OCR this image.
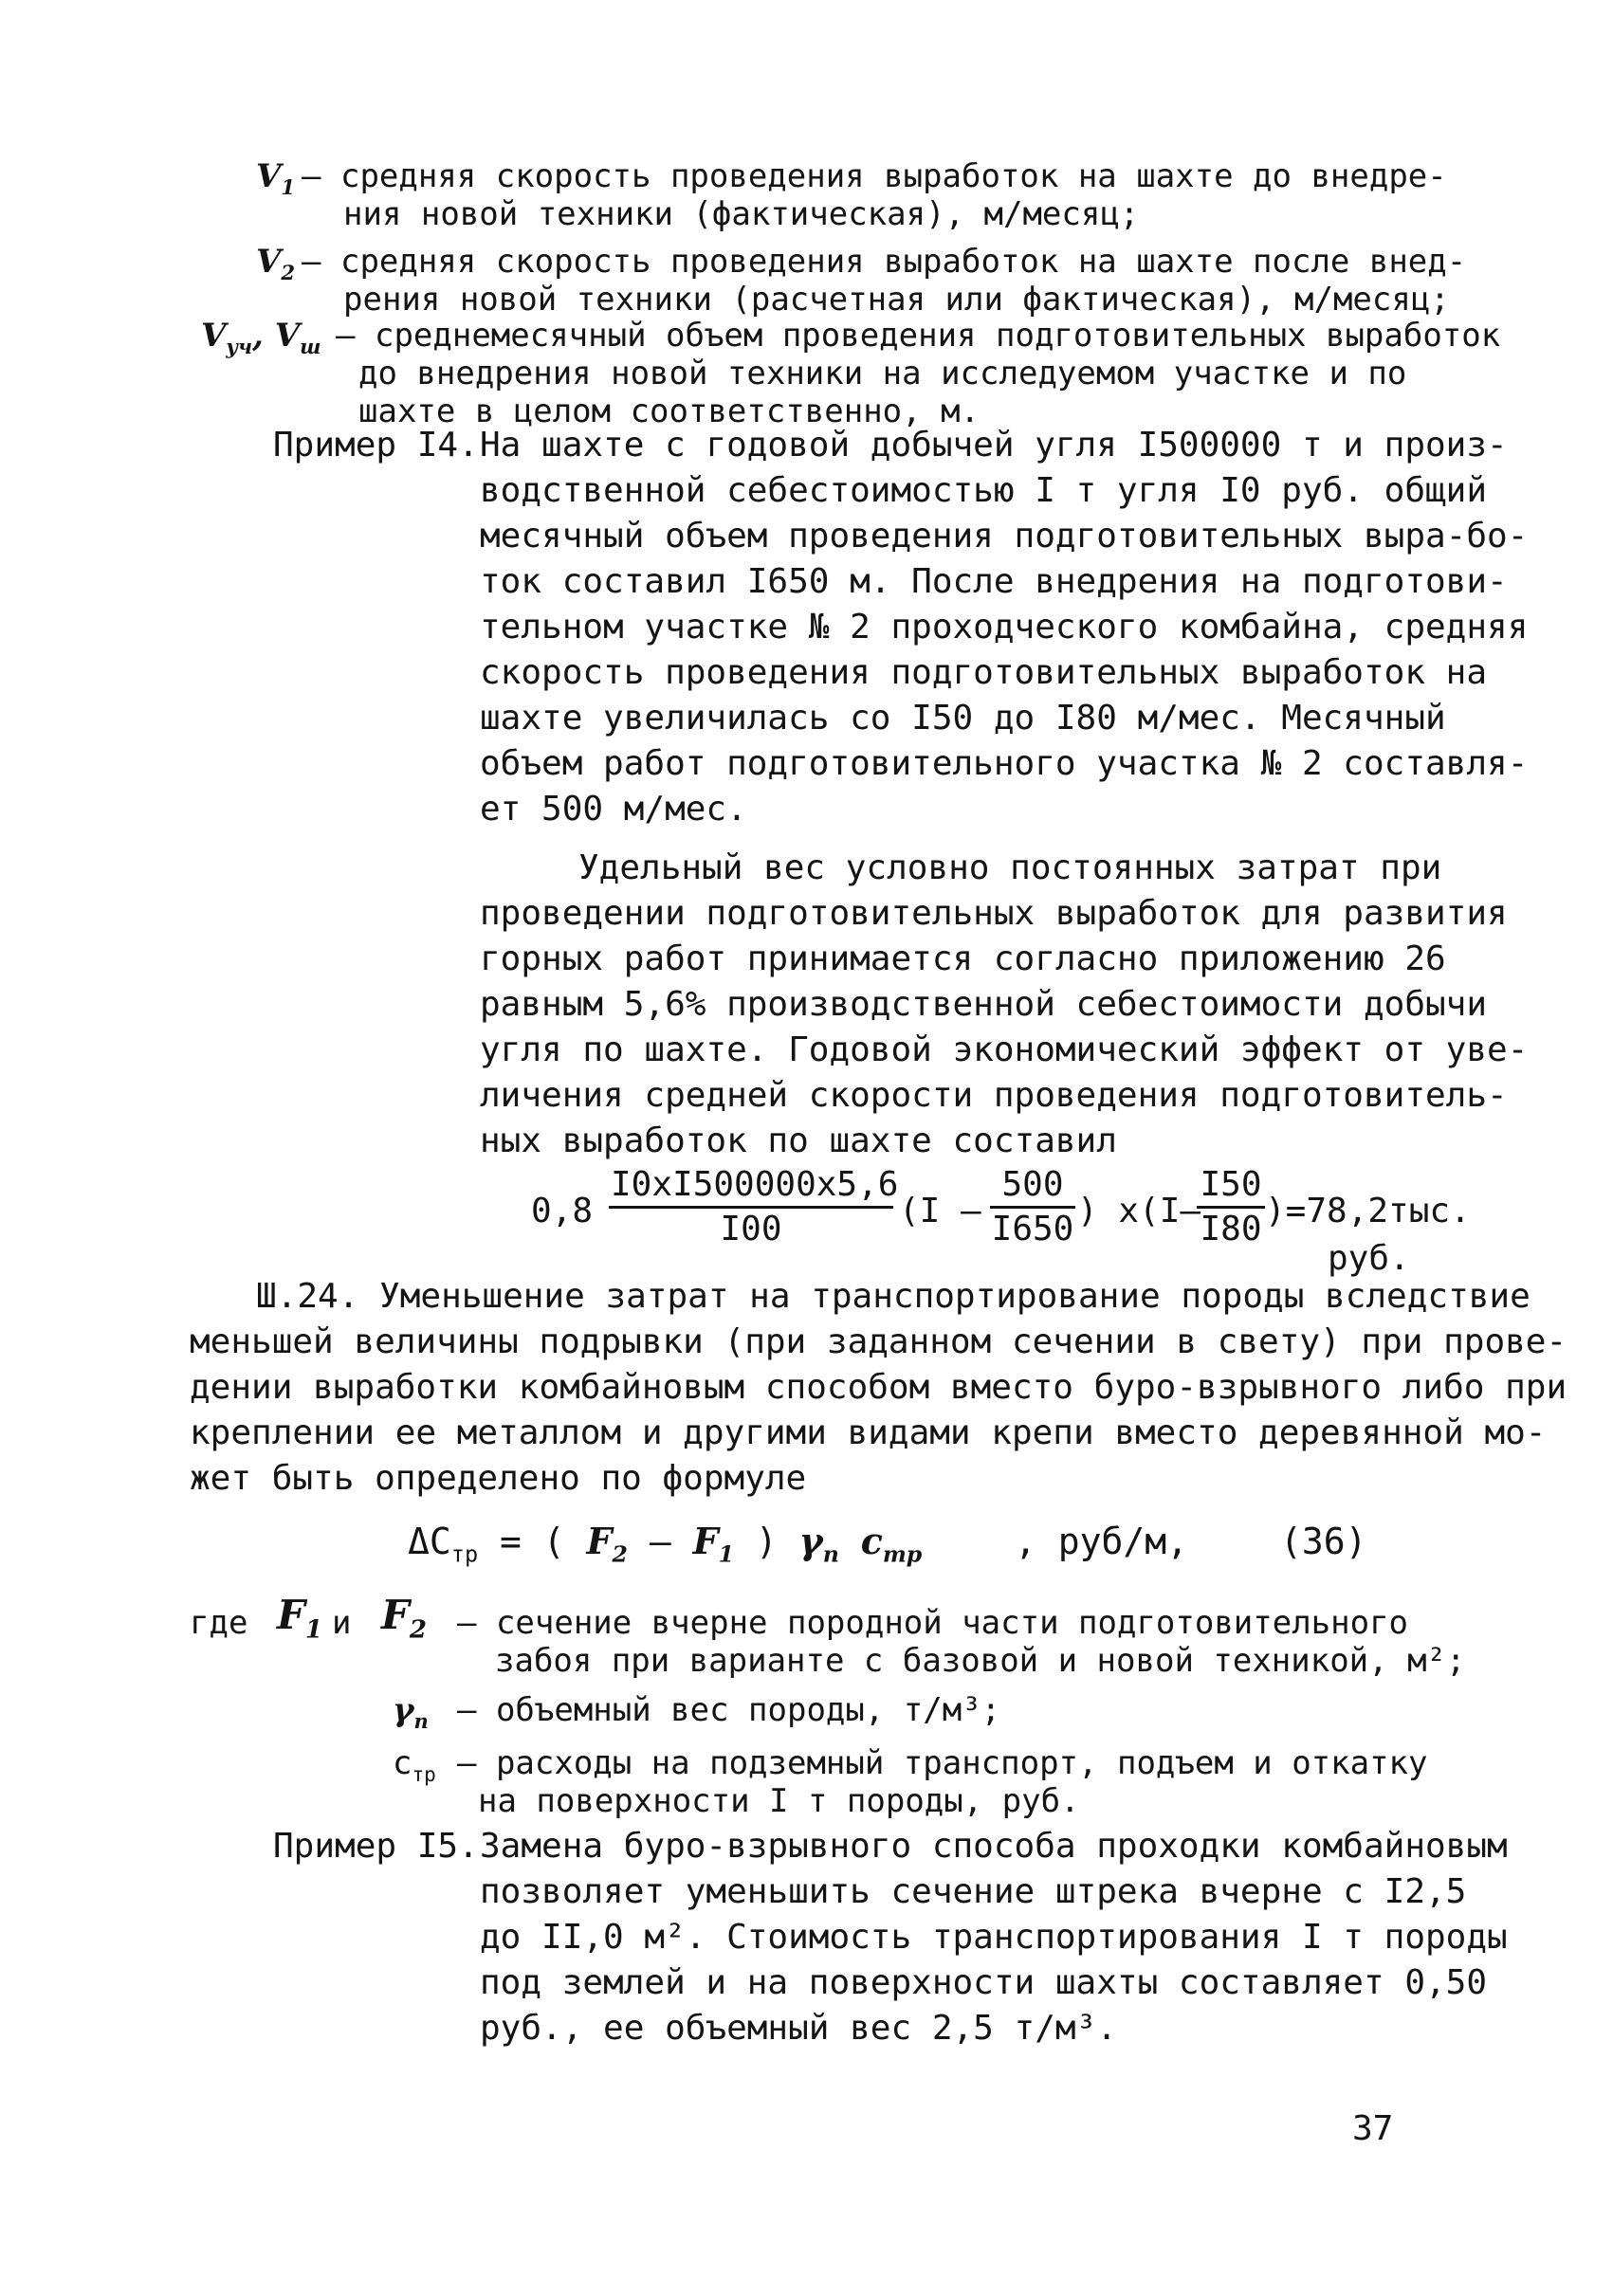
$V_1$ – средняя скорость проведения выработок на шахте до внедре-
ния новой техники (фактическая), м/месяц;
$V_2$ – средняя скорость проведения выработок на шахте после внед-
рения новой техники (расчетная или фактическая), м/месяц;
$V_{уч}$, $V_ш$ – среднемесячный объем проведения подготовительных выработок
до внедрения новой техники на исследуемом участке и по
шахте в целом соответственно, м.
Пример I4. На шахте с годовой добычей угля I500000 т и произ-
водственной себестоимостью I т угля I0 руб. общий
месячный объем проведения подготовительных выра-бо-
ток составил I650 м. После внедрения на подготови-
тельном участке № 2 проходческого комбайна, средняя
скорость проведения подготовительных выработок на
шахте увеличилась со I50 до I80 м/мес. Месячный
объем работ подготовительного участка № 2 составля-
ет 500 м/мес.
Удельный вес условно постоянных затрат при
проведении подготовительных выработок для развития
горных работ принимается согласно приложению 26
равным 5,6% производственной себестоимости добычи
угля по шахте. Годовой экономический эффект от уве-
личения средней скорости проведения подготовитель-
ных выработок по шахте составил
$0,8 \frac{I0xI500000x5,6}{I00} (I - \frac{500}{I650}$ ) x(I–
$\frac{I50}{I80} )=78,2тыс$.
руб.
Ш.24. Уменьшение затрат на транспортирование породы вследствие
меньшей величины подрывки (при заданном сечении в свету) при прове-
дении выработки комбайновым способом вместо буро-взрывного либо при
креплении ее металлом и другими видами крепи вместо деревянной мо-
жет быть определено по формуле
$\Delta C_{тр}$ = ( $F_2 - F_1$ ) $\gamma_п$ $c_{тр}$	, руб/м,	(36)
где $F_1$ и $F_2$ – сечение вчерне породной части подготовительного
забоя при варианте с базовой и новой техникой, м²;
$\gamma_п$ – объемный вес породы, т/м³;
$c_{тр}$ – расходы на подземный транспорт, подъем и откатку
на поверхности I т породы, руб.
Пример I5. Замена буро-взрывного способа проходки комбайновым
позволяет уменьшить сечение штрека вчерне с I2,5
до II,0 м². Стоимость транспортирования I т породы
под землей и на поверхности шахты составляет 0,50
руб., ее объемный вес 2,5 т/м³.
37
